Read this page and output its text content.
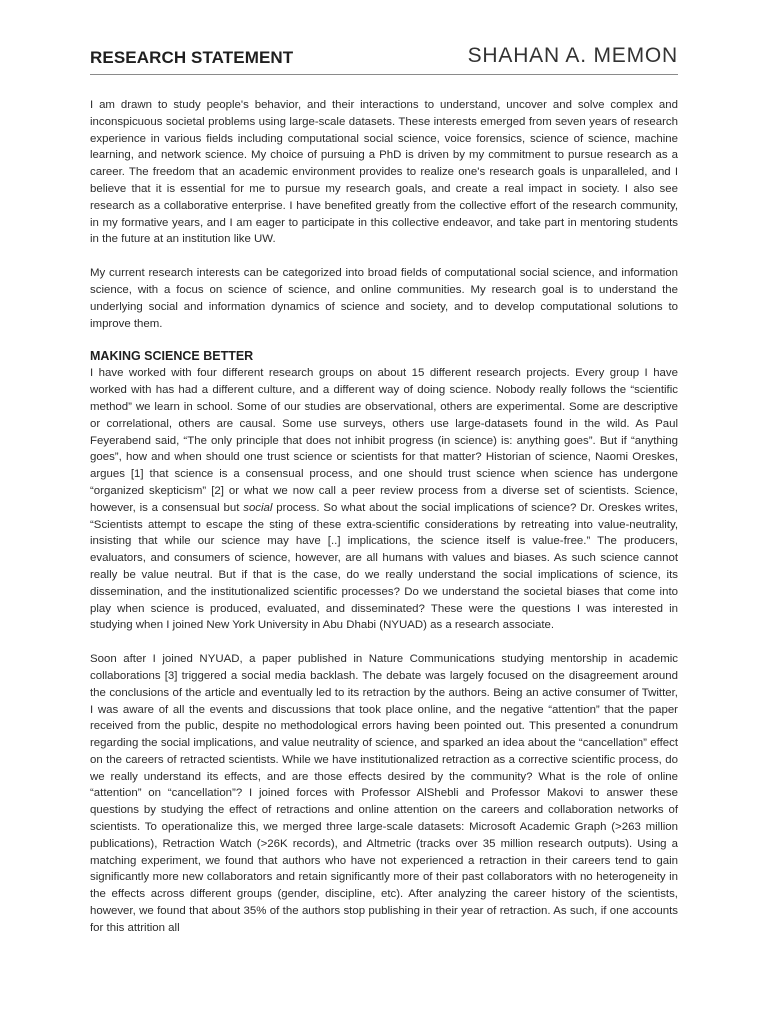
RESEARCH STATEMENT	SHAHAN A. MEMON

I am drawn to study people's behavior, and their interactions to understand, uncover and solve complex and inconspicuous societal problems using large-scale datasets. These interests emerged from seven years of research experience in various fields including computational social science, voice forensics, science of science, machine learning, and network science. My choice of pursuing a PhD is driven by my commitment to pursue research as a career. The freedom that an academic environment provides to realize one's research goals is unparalleled, and I believe that it is essential for me to pursue my research goals, and create a real impact in society. I also see research as a collaborative enterprise. I have benefited greatly from the collective effort of the research community, in my formative years, and I am eager to participate in this collective endeavor, and take part in mentoring students in the future at an institution like UW.

My current research interests can be categorized into broad fields of computational social science, and information science, with a focus on science of science, and online communities. My research goal is to understand the underlying social and information dynamics of science and society, and to develop computational solutions to improve them.

MAKING SCIENCE BETTER

I have worked with four different research groups on about 15 different research projects. Every group I have worked with has had a different culture, and a different way of doing science. Nobody really follows the “scientific method” we learn in school. Some of our studies are observational, others are experimental. Some are descriptive or correlational, others are causal. Some use surveys, others use large-datasets found in the wild. As Paul Feyerabend said, “The only principle that does not inhibit progress (in science) is: anything goes”. But if “anything goes”, how and when should one trust science or scientists for that matter? Historian of science, Naomi Oreskes, argues [1] that science is a consensual process, and one should trust science when science has undergone “organized skepticism” [2] or what we now call a peer review process from a diverse set of scientists. Science, however, is a consensual but social process. So what about the social implications of science? Dr. Oreskes writes, “Scientists attempt to escape the sting of these extra-scientific considerations by retreating into value-neutrality, insisting that while our science may have [..] implications, the science itself is value-free.” The producers, evaluators, and consumers of science, however, are all humans with values and biases. As such science cannot really be value neutral. But if that is the case, do we really understand the social implications of science, its dissemination, and the institutionalized scientific processes? Do we understand the societal biases that come into play when science is produced, evaluated, and disseminated? These were the questions I was interested in studying when I joined New York University in Abu Dhabi (NYUAD) as a research associate.

Soon after I joined NYUAD, a paper published in Nature Communications studying mentorship in academic collaborations [3] triggered a social media backlash. The debate was largely focused on the disagreement around the conclusions of the article and eventually led to its retraction by the authors. Being an active consumer of Twitter, I was aware of all the events and discussions that took place online, and the negative “attention” that the paper received from the public, despite no methodological errors having been pointed out. This presented a conundrum regarding the social implications, and value neutrality of science, and sparked an idea about the “cancellation” effect on the careers of retracted scientists. While we have institutionalized retraction as a corrective scientific process, do we really understand its effects, and are those effects desired by the community? What is the role of online “attention” on “cancellation”? I joined forces with Professor AlShebli and Professor Makovi to answer these questions by studying the effect of retractions and online attention on the careers and collaboration networks of scientists. To operationalize this, we merged three large-scale datasets: Microsoft Academic Graph (>263 million publications), Retraction Watch (>26K records), and Altmetric (tracks over 35 million research outputs). Using a matching experiment, we found that authors who have not experienced a retraction in their careers tend to gain significantly more new collaborators and retain significantly more of their past collaborators with no heterogeneity in the effects across different groups (gender, discipline, etc). After analyzing the career history of the scientists, however, we found that about 35% of the authors stop publishing in their year of retraction. As such, if one accounts for this attrition all
